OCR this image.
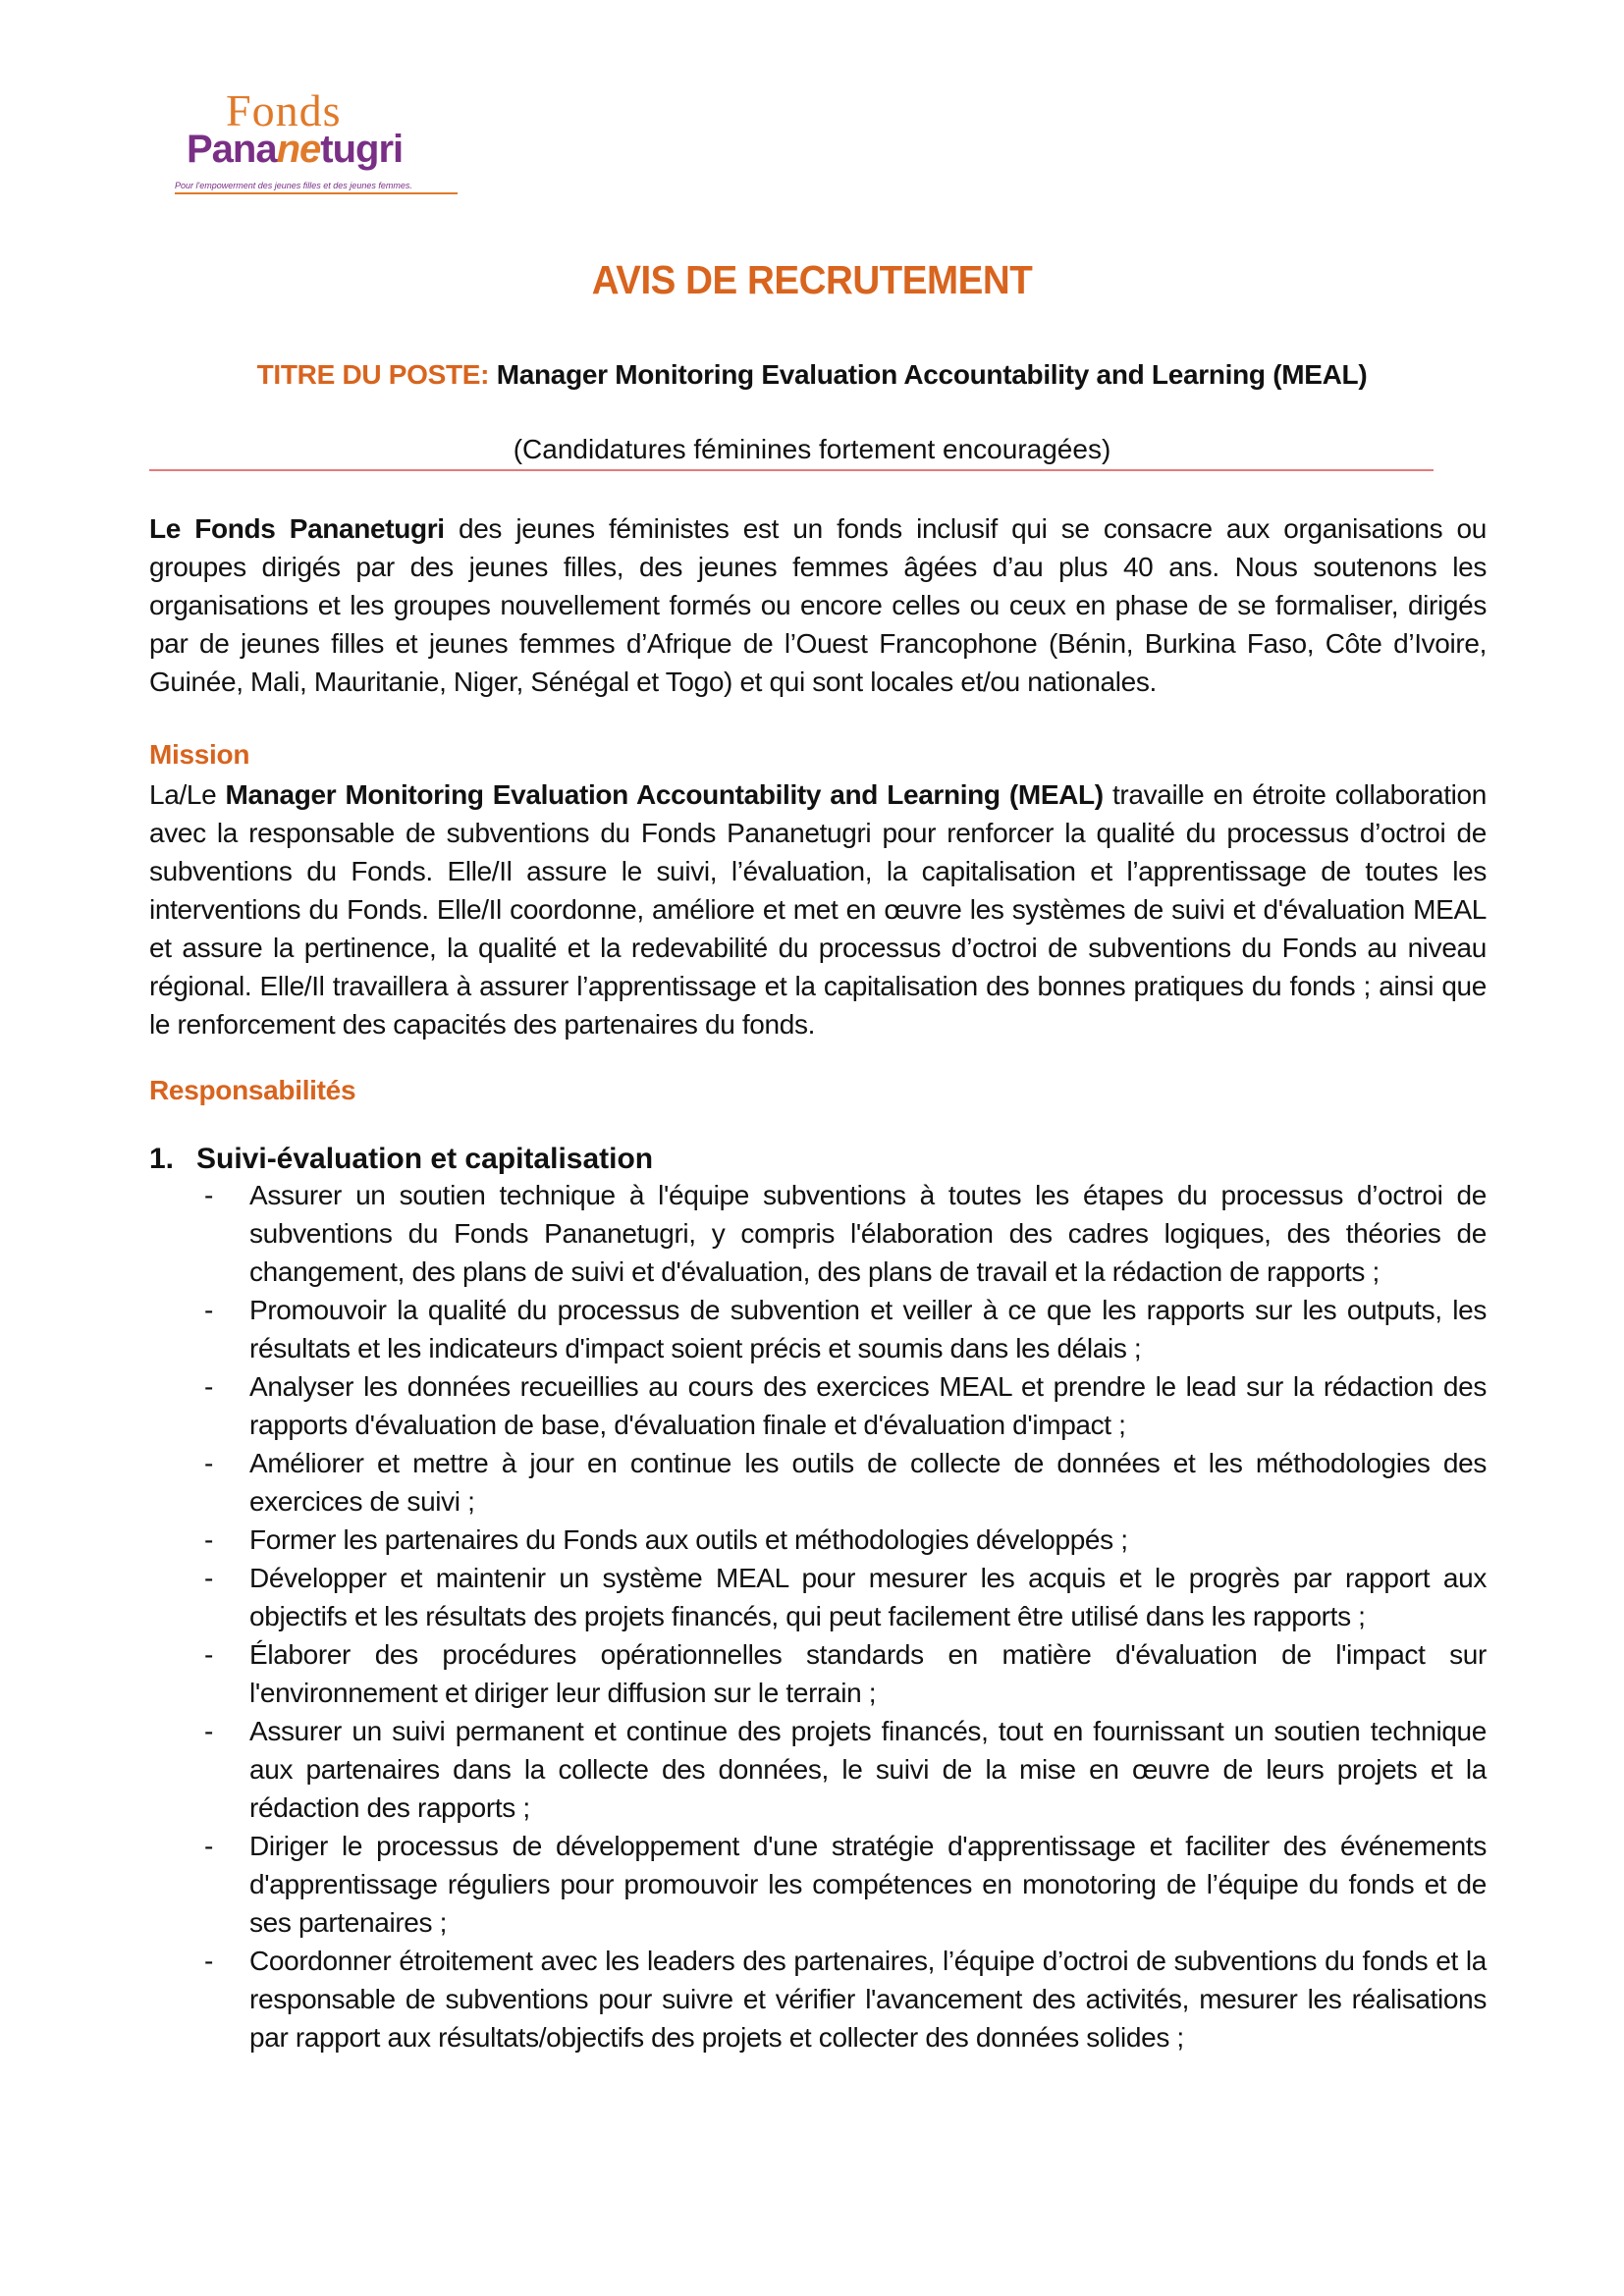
Fonds
Pananetugri
Pour l'empowerment des jeunes filles et des jeunes femmes.
AVIS DE RECRUTEMENT
TITRE DU POSTE: Manager Monitoring Evaluation Accountability and Learning (MEAL)
(Candidatures féminines fortement encouragées)
Le Fonds Pananetugri des jeunes féministes est un fonds inclusif qui se consacre aux organisations ou groupes dirigés par des jeunes filles, des jeunes femmes âgées d’au plus 40 ans. Nous soutenons les organisations et les groupes nouvellement formés ou encore celles ou ceux en phase de se formaliser, dirigés par de jeunes filles et jeunes femmes d’Afrique de l’Ouest Francophone (Bénin, Burkina Faso, Côte d’Ivoire, Guinée, Mali, Mauritanie, Niger, Sénégal et Togo) et qui sont locales et/ou nationales.
Mission
La/Le Manager Monitoring Evaluation Accountability and Learning (MEAL) travaille en étroite collaboration avec la responsable de subventions du Fonds Pananetugri pour renforcer la qualité du processus d’octroi de subventions du Fonds. Elle/Il assure le suivi, l’évaluation, la capitalisation et l’apprentissage de toutes les interventions du Fonds. Elle/Il coordonne, améliore et met en œuvre les systèmes de suivi et d'évaluation MEAL et assure la pertinence, la qualité et la redevabilité du processus d’octroi de subventions du Fonds au niveau régional. Elle/Il travaillera à assurer l’apprentissage et la capitalisation des bonnes pratiques du fonds ; ainsi que le renforcement des capacités des partenaires du fonds.
Responsabilités
1. Suivi-évaluation et capitalisation
- Assurer un soutien technique à l'équipe subventions à toutes les étapes du processus d’octroi de subventions du Fonds Pananetugri, y compris l'élaboration des cadres logiques, des théories de changement, des plans de suivi et d'évaluation, des plans de travail et la rédaction de rapports ;
- Promouvoir la qualité du processus de subvention et veiller à ce que les rapports sur les outputs, les résultats et les indicateurs d'impact soient précis et soumis dans les délais ;
- Analyser les données recueillies au cours des exercices MEAL et prendre le lead sur la rédaction des rapports d'évaluation de base, d'évaluation finale et d'évaluation d'impact ;
- Améliorer et mettre à jour en continue les outils de collecte de données et les méthodologies des exercices de suivi ;
- Former les partenaires du Fonds aux outils et méthodologies développés ;
- Développer et maintenir un système MEAL pour mesurer les acquis et le progrès par rapport aux objectifs et les résultats des projets financés, qui peut facilement être utilisé dans les rapports ;
- Élaborer des procédures opérationnelles standards en matière d'évaluation de l'impact sur l'environnement et diriger leur diffusion sur le terrain ;
- Assurer un suivi permanent et continue des projets financés, tout en fournissant un soutien technique aux partenaires dans la collecte des données, le suivi de la mise en œuvre de leurs projets et la rédaction des rapports ;
- Diriger le processus de développement d'une stratégie d'apprentissage et faciliter des événements d'apprentissage réguliers pour promouvoir les compétences en monotoring de l’équipe du fonds et de ses partenaires ;
- Coordonner étroitement avec les leaders des partenaires, l’équipe d’octroi de subventions du fonds et la responsable de subventions pour suivre et vérifier l'avancement des activités, mesurer les réalisations par rapport aux résultats/objectifs des projets et collecter des données solides ;
